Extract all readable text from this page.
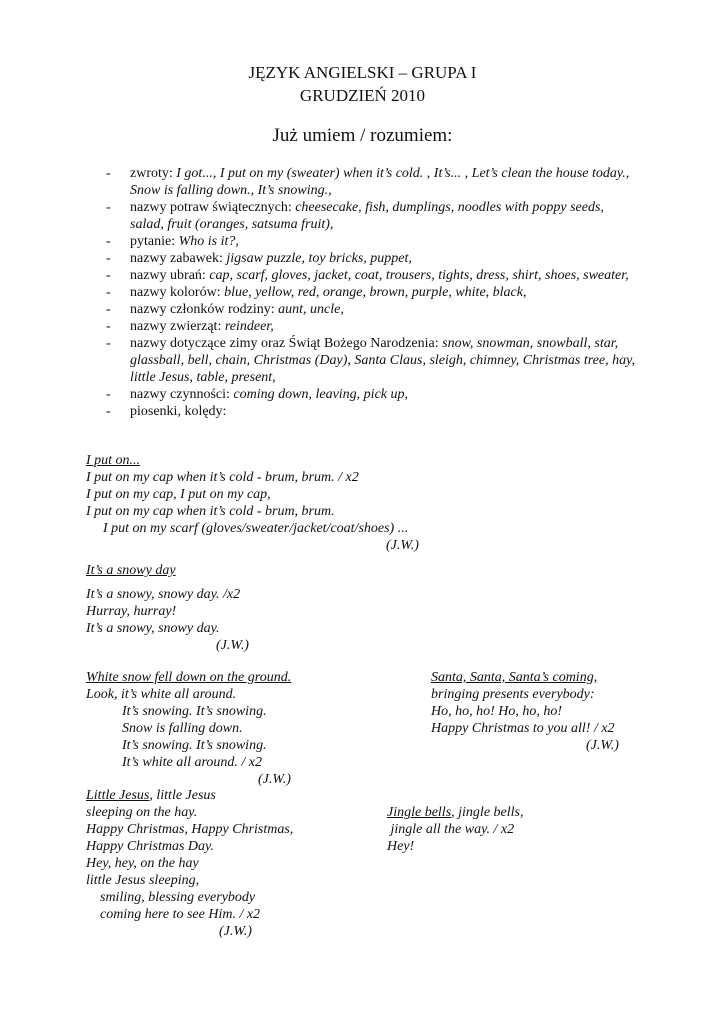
JĘZYK ANGIELSKI – GRUPA I
GRUDZIEŃ 2010
Już umiem / rozumiem:
- zwroty: I got..., I put on my (sweater) when it’s cold. , It’s... , Let’s clean the house today., Snow is falling down., It’s snowing.,
- nazwy potraw świątecznych: cheesecake, fish, dumplings, noodles with poppy seeds, salad, fruit (oranges, satsuma fruit),
- pytanie: Who is it?,
- nazwy zabawek: jigsaw puzzle, toy bricks, puppet,
- nazwy ubrań: cap, scarf, gloves, jacket, coat, trousers, tights, dress, shirt, shoes, sweater,
- nazwy kolorów: blue, yellow, red, orange, brown, purple, white, black,
- nazwy członków rodziny: aunt, uncle,
- nazwy zwierząt: reindeer,
- nazwy dotyczące zimy oraz Świąt Bożego Narodzenia: snow, snowman, snowball, star, glassball, bell, chain, Christmas (Day), Santa Claus, sleigh, chimney, Christmas tree, hay, little Jesus, table, present,
- nazwy czynności: coming down, leaving, pick up,
- piosenki, kolędy:
I put on...
I put on my cap when it’s cold - brum, brum. / x2
I put on my cap, I put on my cap,
I put on my cap when it’s cold - brum, brum.
I put on my scarf (gloves/sweater/jacket/coat/shoes) ...
(J.W.)
It’s a snowy day
It’s a snowy, snowy day. /x2
Hurray, hurray!
It’s a snowy, snowy day.
(J.W.)
White snow fell down on the ground.
Look, it’s white all around.
It’s snowing. It’s snowing.
Snow is falling down.
It’s snowing. It’s snowing.
It’s white all around. / x2
(J.W.)
Santa, Santa, Santa’s coming,
bringing presents everybody:
Ho, ho, ho! Ho, ho, ho!
Happy Christmas to you all! / x2
(J.W.)
Little Jesus, little Jesus
sleeping on the hay.
Happy Christmas, Happy Christmas,
Happy Christmas Day.
Hey, hey, on the hay
little Jesus sleeping,
smiling, blessing everybody
coming here to see Him. / x2
(J.W.)
Jingle bells, jingle bells,
jingle all the way. / x2
Hey!
